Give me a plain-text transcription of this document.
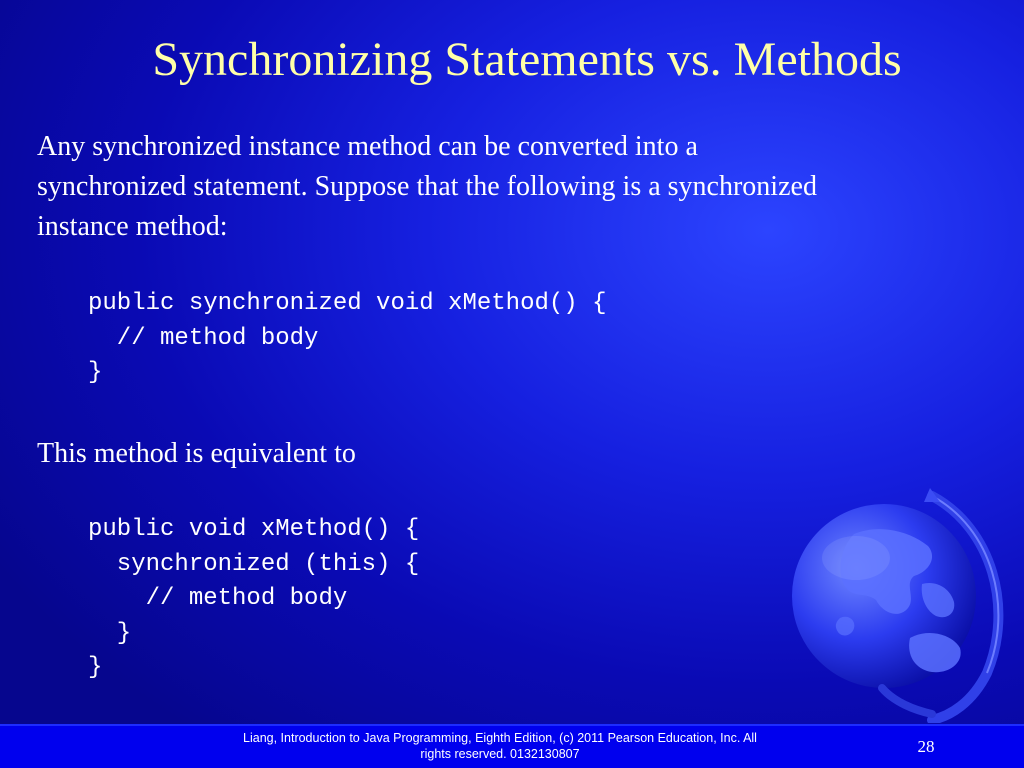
Synchronizing Statements vs. Methods
Any synchronized instance method can be converted into a
synchronized statement. Suppose that the following is a synchronized
instance method:
public synchronized void xMethod() {
// method body
}
This method is equivalent to
public void xMethod() {
synchronized (this) {
// method body
}
}
Liang, Introduction to Java Programming, Eighth Edition, (c) 2011 Pearson Education, Inc. All
rights reserved. 0132130807	28
